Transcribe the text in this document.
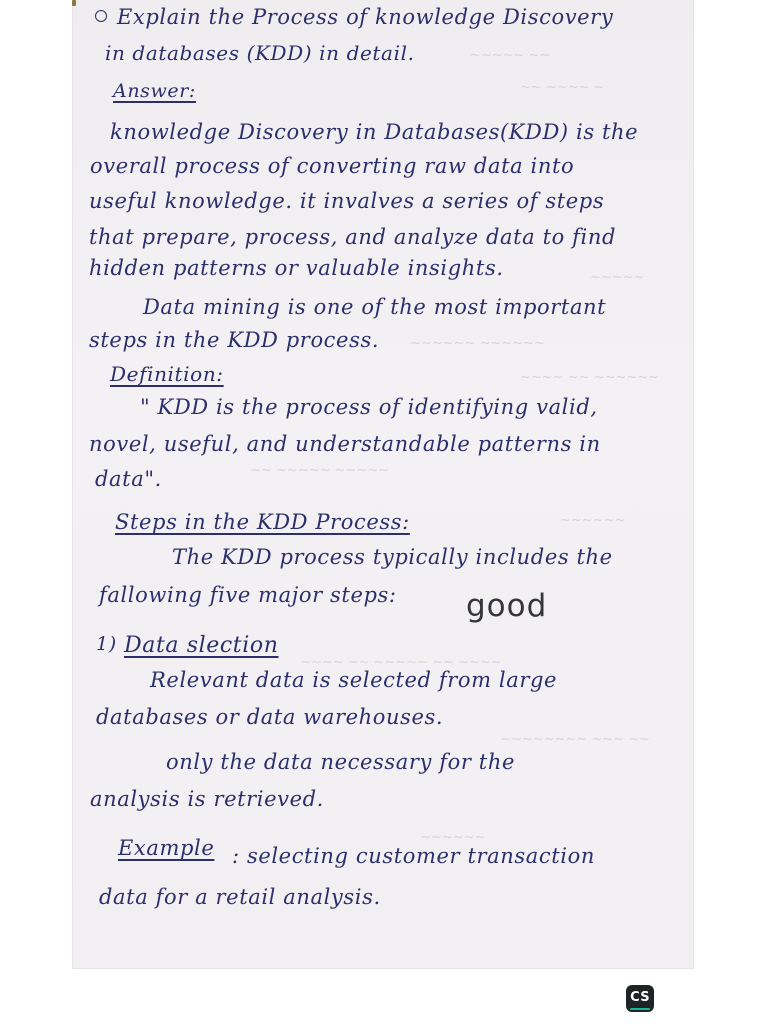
~~~~~ ~~
~~ ~~~~ ~
~~~~~
~~~~~~ ~~~~~~
~~~~ ~~ ~~~~~~
~~ ~~~~~ ~~~~~
~~~~~~
~~~~ ~~ ~~~~~ ~~ ~~~~
~~~~~~~~ ~~~ ~~
~~~~~~
Explain the Process of knowledge Discovery
in databases (KDD) in detail.
Answer:
knowledge Discovery in Databases(KDD) is the
overall process of converting raw data into
useful knowledge. it invalves a series of steps
that prepare, process, and analyze data to find
hidden patterns or valuable insights.
Data mining is one of the most important
steps in the KDD process.
Definition:
" KDD is the process of identifying valid,
novel, useful, and understandable patterns in
data".
Steps in the KDD Process:
The KDD process typically includes the
fallowing five major steps: good
1) Data slection
Relevant data is selected from large
databases or data warehouses.
only the data necessary for the
analysis is retrieved.
Example : selecting customer transaction
data for a retail analysis.
CS
